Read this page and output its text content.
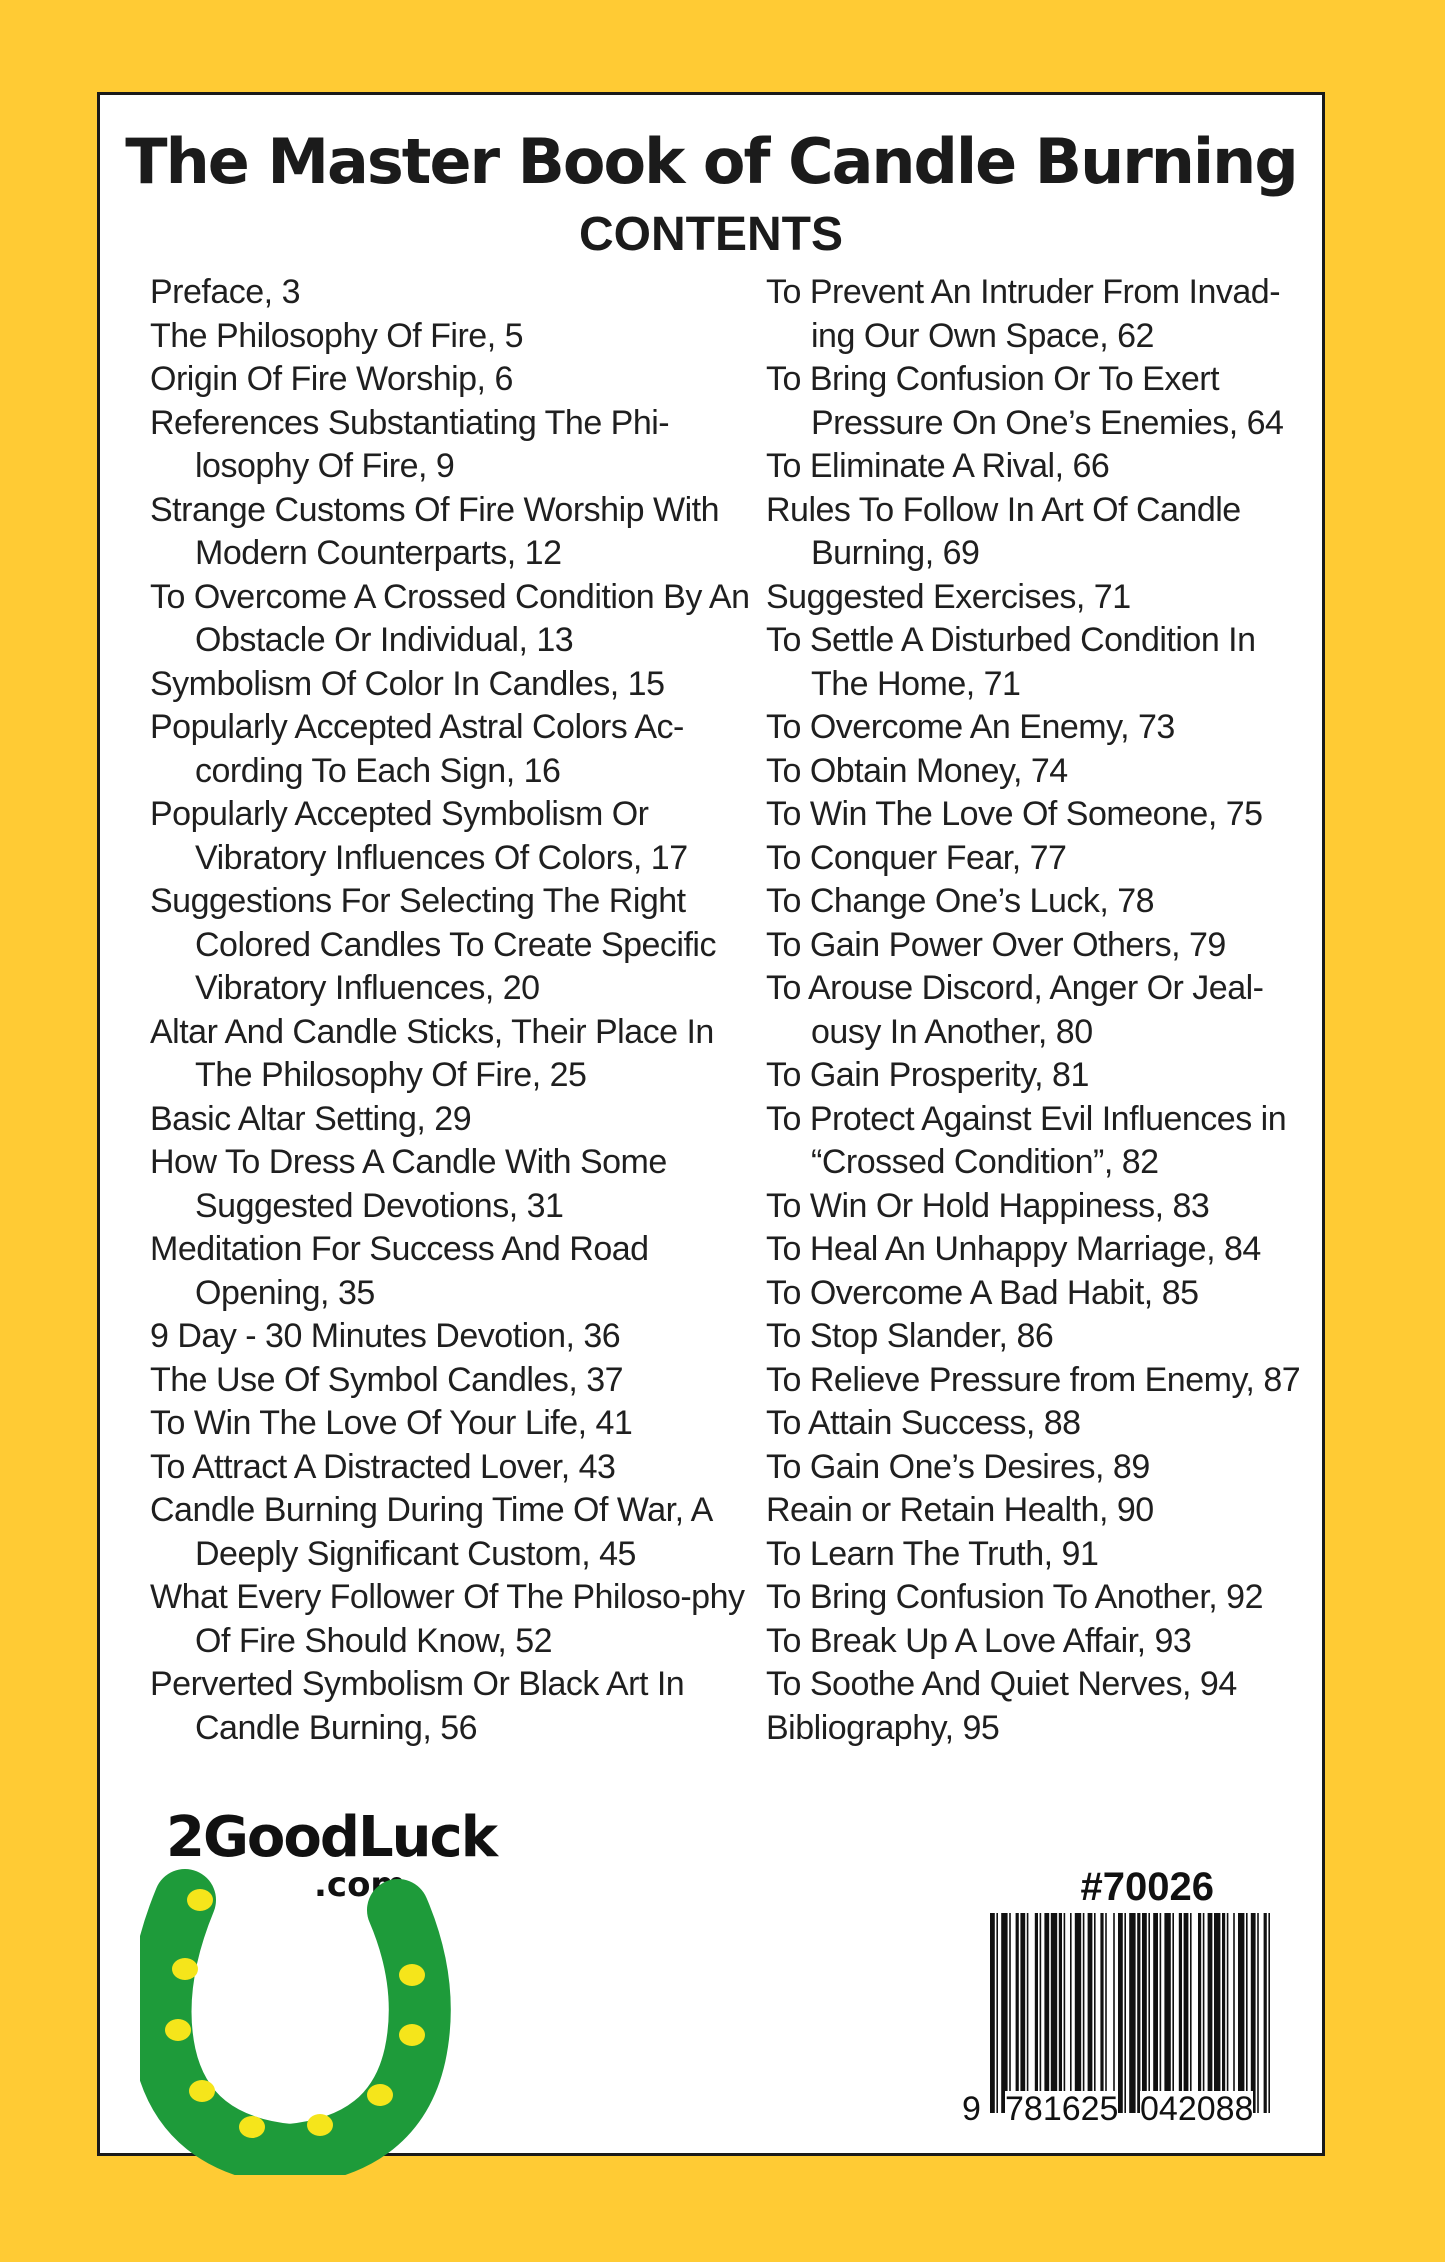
The Master Book of Candle Burning
CONTENTS
Preface, 3
The Philosophy Of Fire, 5
Origin Of Fire Worship, 6
References Substantiating The Phi-losophy Of Fire, 9
Strange Customs Of Fire Worship With Modern Counterparts, 12
To Overcome A Crossed Condition By An Obstacle Or Individual, 13
Symbolism Of Color In Candles, 15
Popularly Accepted Astral Colors Ac-cording To Each Sign, 16
Popularly Accepted Symbolism Or Vibratory Influences Of Colors, 17
Suggestions For Selecting The Right Colored Candles To Create Specific Vibratory Influences, 20
Altar And Candle Sticks, Their Place In The Philosophy Of Fire, 25
Basic Altar Setting, 29
How To Dress A Candle With Some Suggested Devotions, 31
Meditation For Success And Road Opening, 35
9 Day - 30 Minutes Devotion, 36
The Use Of Symbol Candles, 37
To Win The Love Of Your Life, 41
To Attract A Distracted Lover, 43
Candle Burning During Time Of War, A Deeply Significant Custom, 45
What Every Follower Of The Philoso-phy Of Fire Should Know, 52
Perverted Symbolism Or Black Art In Candle Burning, 56
To Prevent An Intruder From Invad-ing Our Own Space, 62
To Bring Confusion Or To Exert Pressure On One’s Enemies, 64
To Eliminate A Rival, 66
Rules To Follow In Art Of Candle Burning, 69
Suggested Exercises, 71
To Settle A Disturbed Condition In The Home, 71
To Overcome An Enemy, 73
To Obtain Money, 74
To Win The Love Of Someone, 75
To Conquer Fear, 77
To Change One’s Luck, 78
To Gain Power Over Others, 79
To Arouse Discord, Anger Or Jeal-ousy In Another, 80
To Gain Prosperity, 81
To Protect Against Evil Influences in “Crossed Condition”, 82
To Win Or Hold Happiness, 83
To Heal An Unhappy Marriage, 84
To Overcome A Bad Habit, 85
To Stop Slander, 86
To Relieve Pressure from Enemy, 87
To Attain Success, 88
To Gain One’s Desires, 89
Reain or Retain Health, 90
To Learn The Truth, 91
To Bring Confusion To Another, 92
To Break Up A Love Affair, 93
To Soothe And Quiet Nerves, 94
Bibliography, 95
2GoodLuck
.com	#70026
9 781625 042088
